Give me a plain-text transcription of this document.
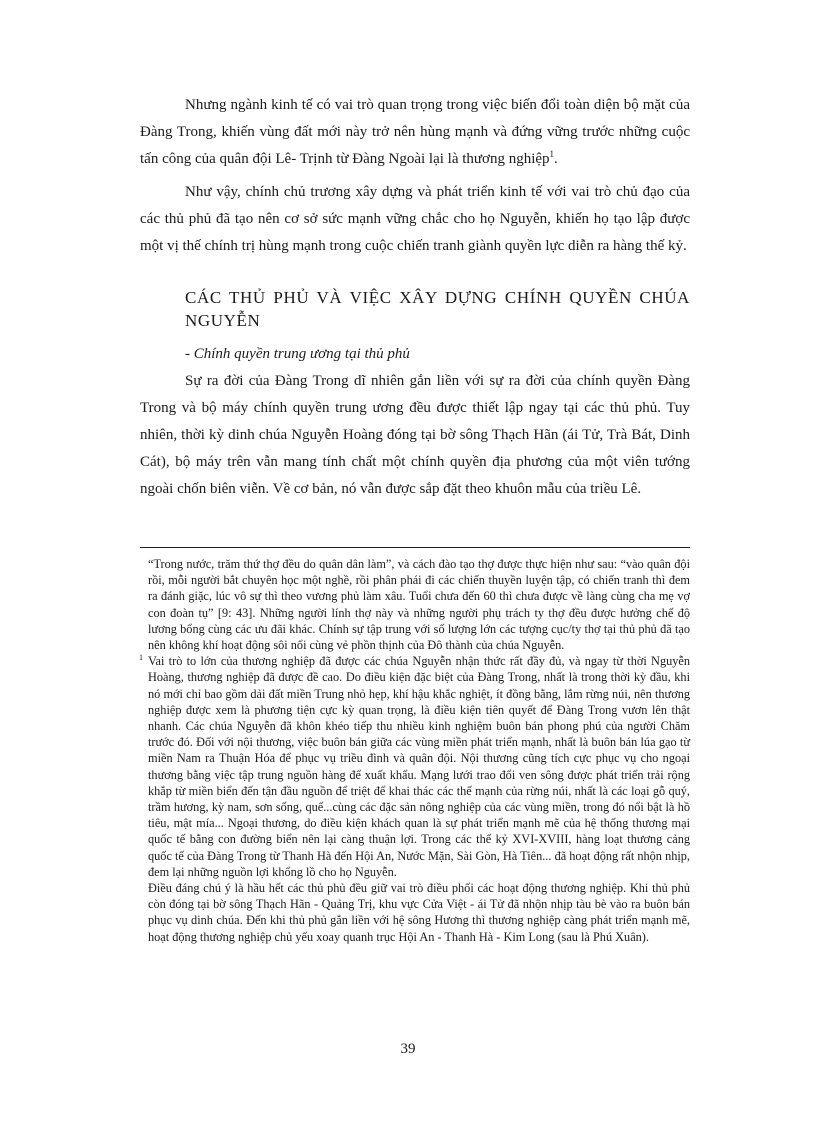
Nhưng ngành kinh tế có vai trò quan trọng trong việc biến đổi toàn diện bộ mặt của Đàng Trong, khiến vùng đất mới này trở nên hùng mạnh và đứng vững trước những cuộc tấn công của quân đội Lê- Trịnh từ Đàng Ngoài lại là thương nghiệp$^1$.

Như vậy, chính chủ trương xây dựng và phát triển kinh tế với vai trò chủ đạo của các thủ phủ đã tạo nên cơ sở sức mạnh vững chắc cho họ Nguyễn, khiến họ tạo lập được một vị thế chính trị hùng mạnh trong cuộc chiến tranh giành quyền lực diễn ra hàng thế kỷ.

CÁC THỦ PHỦ VÀ VIỆC XÂY DỰNG CHÍNH QUYỀN CHÚA NGUYỄN
- Chính quyền trung ương tại thủ phủ

Sự ra đời của Đàng Trong dĩ nhiên gắn liền với sự ra đời của chính quyền Đàng Trong và bộ máy chính quyền trung ương đều được thiết lập ngay tại các thủ phủ. Tuy nhiên, thời kỳ dinh chúa Nguyễn Hoàng đóng tại bờ sông Thạch Hãn (ái Tử, Trà Bát, Dinh Cát), bộ máy trên vẫn mang tính chất một chính quyền địa phương của một viên tướng ngoài chốn biên viễn. Về cơ bản, nó vẫn được sắp đặt theo khuôn mẫu của triều Lê.

“Trong nước, trăm thứ thợ đều do quân dân làm”, và cách đào tạo thợ được thực hiện như sau: “vào quân đội rồi, mỗi người bắt chuyên học một nghề, rồi phân phái đi các chiến thuyền luyện tập, có chiến tranh thì đem ra đánh giặc, lúc vô sự thì theo vương phủ làm xâu. Tuổi chưa đến 60 thì chưa được về làng cùng cha mẹ vợ con đoàn tụ” [9: 43]. Những người lính thợ này và những người phụ trách ty thợ đều được hưởng chế độ lương bổng cùng các ưu đãi khác. Chính sự tập trung với số lượng lớn các tượng cục/ty thợ tại thủ phủ đã tạo nên không khí hoạt động sôi nổi cùng vẻ phồn thịnh của Đô thành của chúa Nguyễn.

1 Vai trò to lớn của thương nghiệp đã được các chúa Nguyễn nhận thức rất đầy đủ, và ngay từ thời Nguyễn Hoàng, thương nghiệp đã được đề cao. Do điều kiện đặc biệt của Đàng Trong, nhất là trong thời kỳ đầu, khi nó mới chỉ bao gồm dải đất miền Trung nhỏ hẹp, khí hậu khắc nghiệt, ít đồng bằng, lắm rừng núi, nên thương nghiệp được xem là phương tiện cực kỳ quan trọng, là điều kiện tiên quyết để Đàng Trong vươn lên thật nhanh. Các chúa Nguyễn đã khôn khéo tiếp thu nhiều kinh nghiệm buôn bán phong phú của người Chăm trước đó. Đối với nội thương, việc buôn bán giữa các vùng miền phát triển mạnh, nhất là buôn bán lúa gạo từ miền Nam ra Thuận Hóa để phục vụ triều đình và quân đội. Nội thương cũng tích cực phục vụ cho ngoại thương bằng việc tập trung nguồn hàng để xuất khẩu. Mạng lưới trao đổi ven sông được phát triển trải rộng khắp từ miền biển đến tận đầu nguồn để triệt để khai thác các thế mạnh của rừng núi, nhất là các loại gỗ quý, trầm hương, kỳ nam, sơn sống, quế...cùng các đặc sản nông nghiệp của các vùng miền, trong đó nổi bật là hồ tiêu, mật mía... Ngoại thương, do điều kiện khách quan là sự phát triển mạnh mẽ của hệ thống thương mại quốc tế bằng con đường biển nên lại càng thuận lợi. Trong các thế kỷ XVI-XVIII, hàng loạt thương cảng quốc tế của Đàng Trong từ Thanh Hà đến Hội An, Nước Mặn, Sài Gòn, Hà Tiên... đã hoạt động rất nhộn nhịp, đem lại những nguồn lợi khổng lồ cho họ Nguyễn.

Điều đáng chú ý là hầu hết các thủ phủ đều giữ vai trò điều phối các hoạt động thương nghiệp. Khi thủ phủ còn đóng tại bờ sông Thạch Hãn - Quảng Trị, khu vực Cửa Việt - ái Tử đã nhộn nhịp tàu bè vào ra buôn bán phục vụ dinh chúa. Đến khi thủ phủ gắn liền với hệ sông Hương thì thương nghiệp càng phát triển mạnh mẽ, hoạt động thương nghiệp chủ yếu xoay quanh trục Hội An - Thanh Hà - Kim Long (sau là Phú Xuân).

39
